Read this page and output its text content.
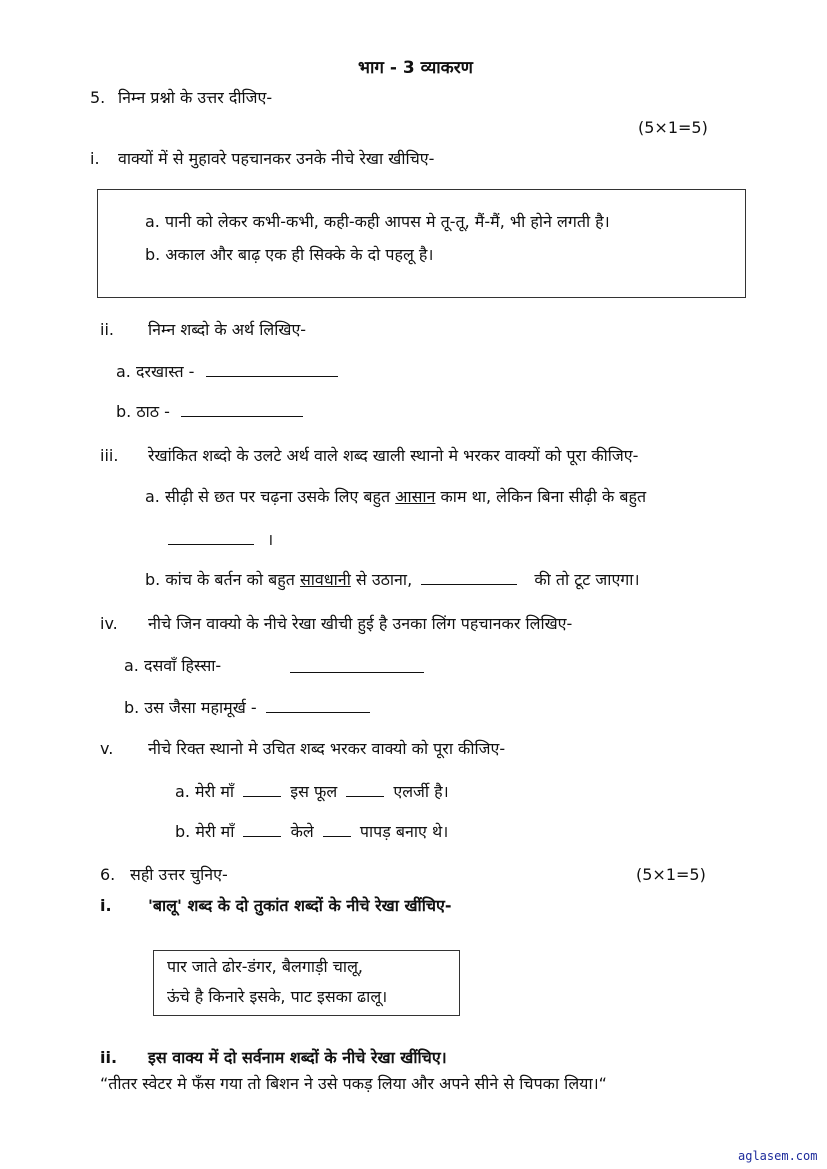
भाग - 3 व्याकरण
5. निम्न प्रश्नो के उत्तर दीजिए-
(5×1=5)
i. वाक्यों में से मुहावरे पहचानकर उनके नीचे रेखा खीचिए-
a. पानी को लेकर कभी-कभी, कही-कही आपस मे तू-तू, मैं-मैं, भी होने लगती है।
b. अकाल और बाढ़ एक ही सिक्के के दो पहलू है।
ii. निम्न शब्दो के अर्थ लिखिए-
a. दरखास्त -
b. ठाठ -
iii. रेखांकित शब्दो के उलटे अर्थ वाले शब्द खाली स्थानो मे भरकर वाक्यों को पूरा कीजिए-
a. सीढ़ी से छत पर चढ़ना उसके लिए बहुत आसान काम था, लेकिन बिना सीढ़ी के बहुत
।
b. कांच के बर्तन को बहुत सावधानी से उठाना,	की तो टूट जाएगा।
iv. नीचे जिन वाक्यो के नीचे रेखा खीची हुई है उनका लिंग पहचानकर लिखिए-
a. दसवाँ हिस्सा-
b. उस जैसा महामूर्ख -
v. नीचे रिक्त स्थानो मे उचित शब्द भरकर वाक्यो को पूरा कीजिए-
a. मेरी माँ	इस फूल	एलर्जी है।
b. मेरी माँ	केले	पापड़ बनाए थे।
6. सही उत्तर चुनिए-	(5×1=5)
i. 'बालू' शब्द के दो तुकांत शब्दों के नीचे रेखा खींचिए-
पार जाते ढोर-डंगर, बैलगाड़ी चालू,
ऊंचे है किनारे इसके, पाट इसका ढालू।
ii. इस वाक्य में दो सर्वनाम शब्दों के नीचे रेखा खींचिए।
“तीतर स्वेटर मे फँस गया तो बिशन ने उसे पकड़ लिया और अपने सीने से चिपका लिया।“
aglasem.com
